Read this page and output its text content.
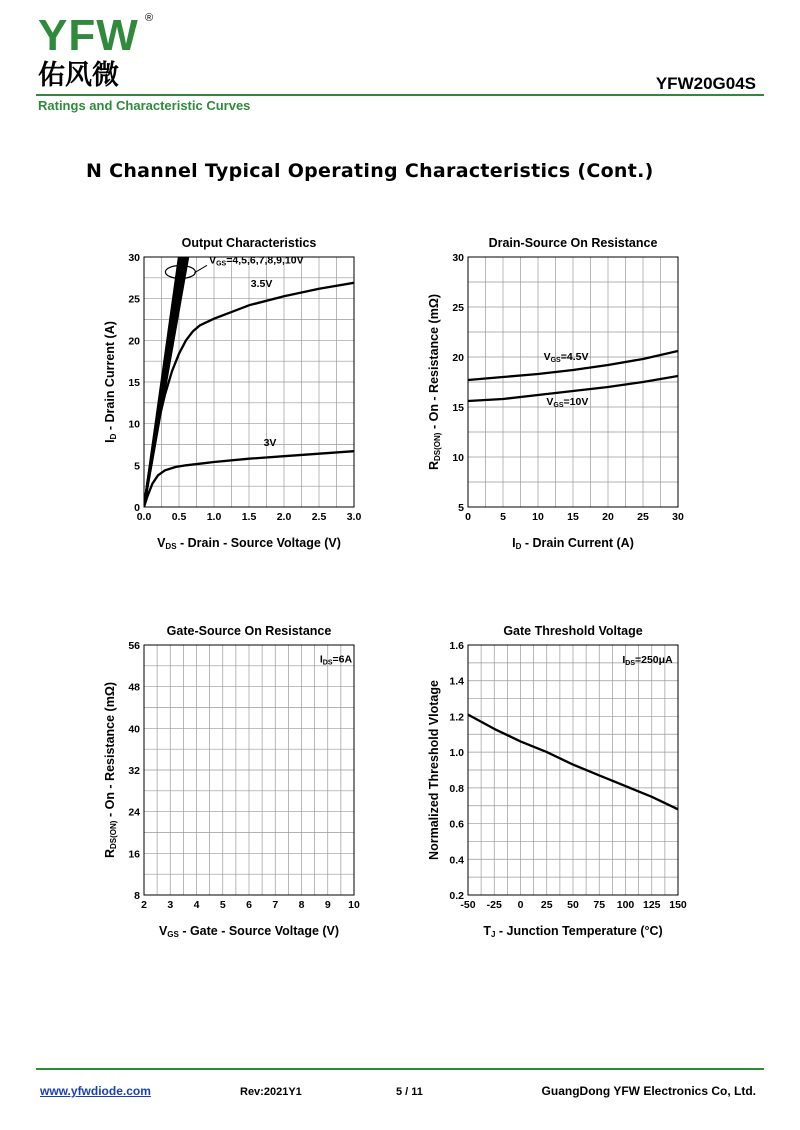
YFW ®
佑风微	YFW20G04S
Ratings and Characteristic Curves
N Channel Typical Operating Characteristics (Cont.)
0.0 0.5 1.0 1.5 2.0 2.5 3.0
0
5
10
15
20
25
30
Output Characteristics
VDS - Drain - Source Voltage (V)
ID - Drain Current (A)
VGS=4,5,6,7,8,9,10V
3.5V
3V
0	5 10 15 20 25 30
5
10
15
20
25
30
Drain-Source On Resistance
ID - Drain Current (A)
RDS(ON) - On - Resistance (mΩ)	VGS=4.5V
VGS=10V
2 3 4 5 6 7 8 9 10
8
16
24
32
40
48
56
Gate-Source On Resistance
VGS - Gate - Source Voltage (V)
RDS(ON) - On - Resistance (mΩ)
IDS=6A
-50 -25 0 25 50 75 100 125 150
0.2
0.4
0.6
0.8
1.0
1.2
1.4
1.6
Gate Threshold Voltage
TJ - Junction Temperature (°C)
Normalized Threshold Vlotage
IDS=250μA
www.yfwdiode.com	Rev:2021Y1	5 / 11	GuangDong YFW Electronics Co, Ltd.
